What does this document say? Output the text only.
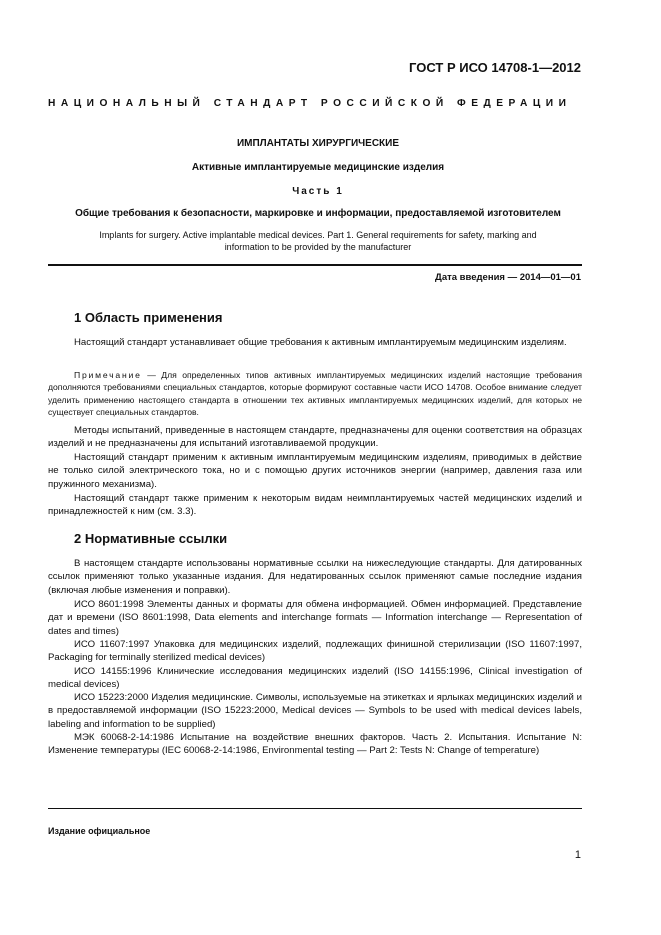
ГОСТ Р ИСО 14708-1—2012
НАЦИОНАЛЬНЫЙ СТАНДАРТ РОССИЙСКОЙ ФЕДЕРАЦИИ
ИМПЛАНТАТЫ ХИРУРГИЧЕСКИЕ
Активные имплантируемые медицинские изделия
Часть 1
Общие требования к безопасности, маркировке и информации, предоставляемой изготовителем
Implants for surgery. Active implantable medical devices. Part 1. General requirements for safety, marking and
information to be provided by the manufacturer
Дата введения — 2014—01—01
1 Область применения
Настоящий стандарт устанавливает общие требования к активным имплантируемым медицинским изделиям.
Примечание — Для определенных типов активных имплантируемых медицинских изделий настоящие требования дополняются требованиями специальных стандартов, которые формируют составные части ИСО 14708. Особое внимание следует уделить применению настоящего стандарта в отношении тех активных имплантируемых медицинских изделий, для которых не существует специальных стандартов.
Методы испытаний, приведенные в настоящем стандарте, предназначены для оценки соответствия на образцах изделий и не предназначены для испытаний изготавливаемой продукции.
Настоящий стандарт применим к активным имплантируемым медицинским изделиям, приводимых в действие не только силой электрического тока, но и с помощью других источников энергии (например, давления газа или пружинного механизма).
Настоящий стандарт также применим к некоторым видам неимплантируемых частей медицинских изделий и принадлежностей к ним (см. 3.3).
2 Нормативные ссылки
В настоящем стандарте использованы нормативные ссылки на нижеследующие стандарты. Для датированных ссылок применяют только указанные издания. Для недатированных ссылок применяют самые последние издания (включая любые изменения и поправки).
ИСО 8601:1998 Элементы данных и форматы для обмена информацией. Обмен информацией. Представление дат и времени (ISO 8601:1998, Data elements and interchange formats — Information interchange — Representation of dates and times)
ИСО 11607:1997 Упаковка для медицинских изделий, подлежащих финишной стерилизации (ISO 11607:1997, Packaging for terminally sterilized medical devices)
ИСО 14155:1996 Клинические исследования медицинских изделий (ISO 14155:1996, Clinical investigation of medical devices)
ИСО 15223:2000 Изделия медицинские. Символы, используемые на этикетках и ярлыках медицинских изделий и в предоставляемой информации (ISO 15223:2000, Medical devices — Symbols to be used with medical devices labels, labeling and information to be supplied)
МЭК 60068-2-14:1986 Испытание на воздействие внешних факторов. Часть 2. Испытания. Испытание N: Изменение температуры (IEC 60068-2-14:1986, Environmental testing — Part 2: Tests N: Change of temperature)
Издание официальное
1
